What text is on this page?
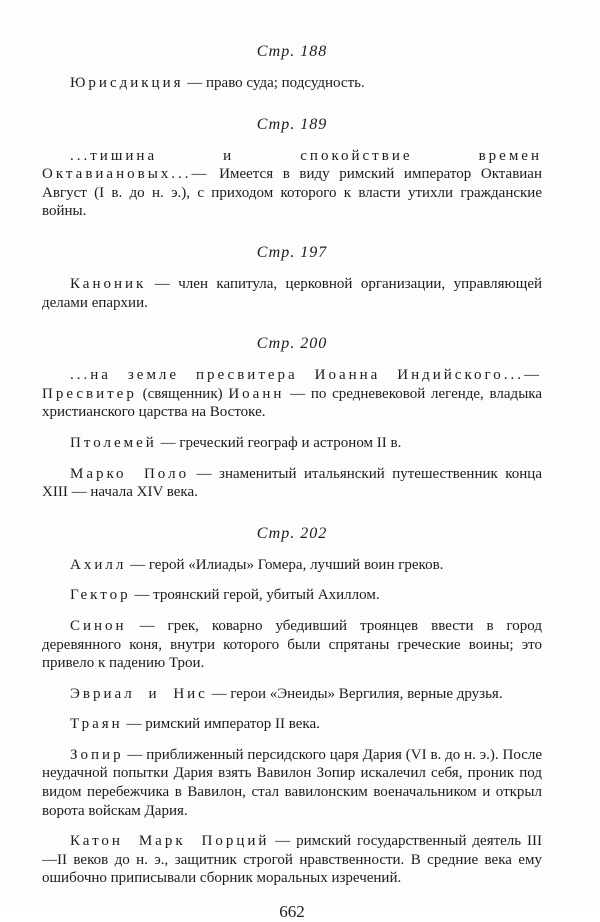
Стр. 188

Юрисдикция — право суда; подсудность.

Стр. 189

...тишина и спокойствие времен Октавиановых...— Имеется в виду римский император Октавиан Август (I в. до н. э.), с приходом которого к власти утихли гражданские войны.

Стр. 197

Каноник — член капитула, церковной организации, управляющей делами епархии.

Стр. 200

...на земле пресвитера Иоанна Индийского...— Пресвитер (священник) Иоанн — по средневековой легенде, владыка христианского царства на Востоке.

Птолемей — греческий географ и астроном II в.

Марко Поло — знаменитый итальянский путешественник конца XIII — начала XIV века.

Стр. 202

Ахилл — герой «Илиады» Гомера, лучший воин греков.

Гектор — троянский герой, убитый Ахиллом.

Синон — грек, коварно убедивший троянцев ввести в город деревянного коня, внутри которого были спрятаны греческие воины; это привело к падению Трои.

Эвриал и Нис — герои «Энеиды» Вергилия, верные друзья.

Траян — римский император II века.

Зопир — приближенный персидского царя Дария (VI в. до н. э.). После неудачной попытки Дария взять Вавилон Зопир искалечил себя, проник под видом перебежчика в Вавилон, стал вавилонским военачальником и открыл ворота войскам Дария.

Катон Марк Порций — римский государственный деятель III—II веков до н. э., защитник строгой нравственности. В средние века ему ошибочно приписывали сборник моральных изречений.

662
